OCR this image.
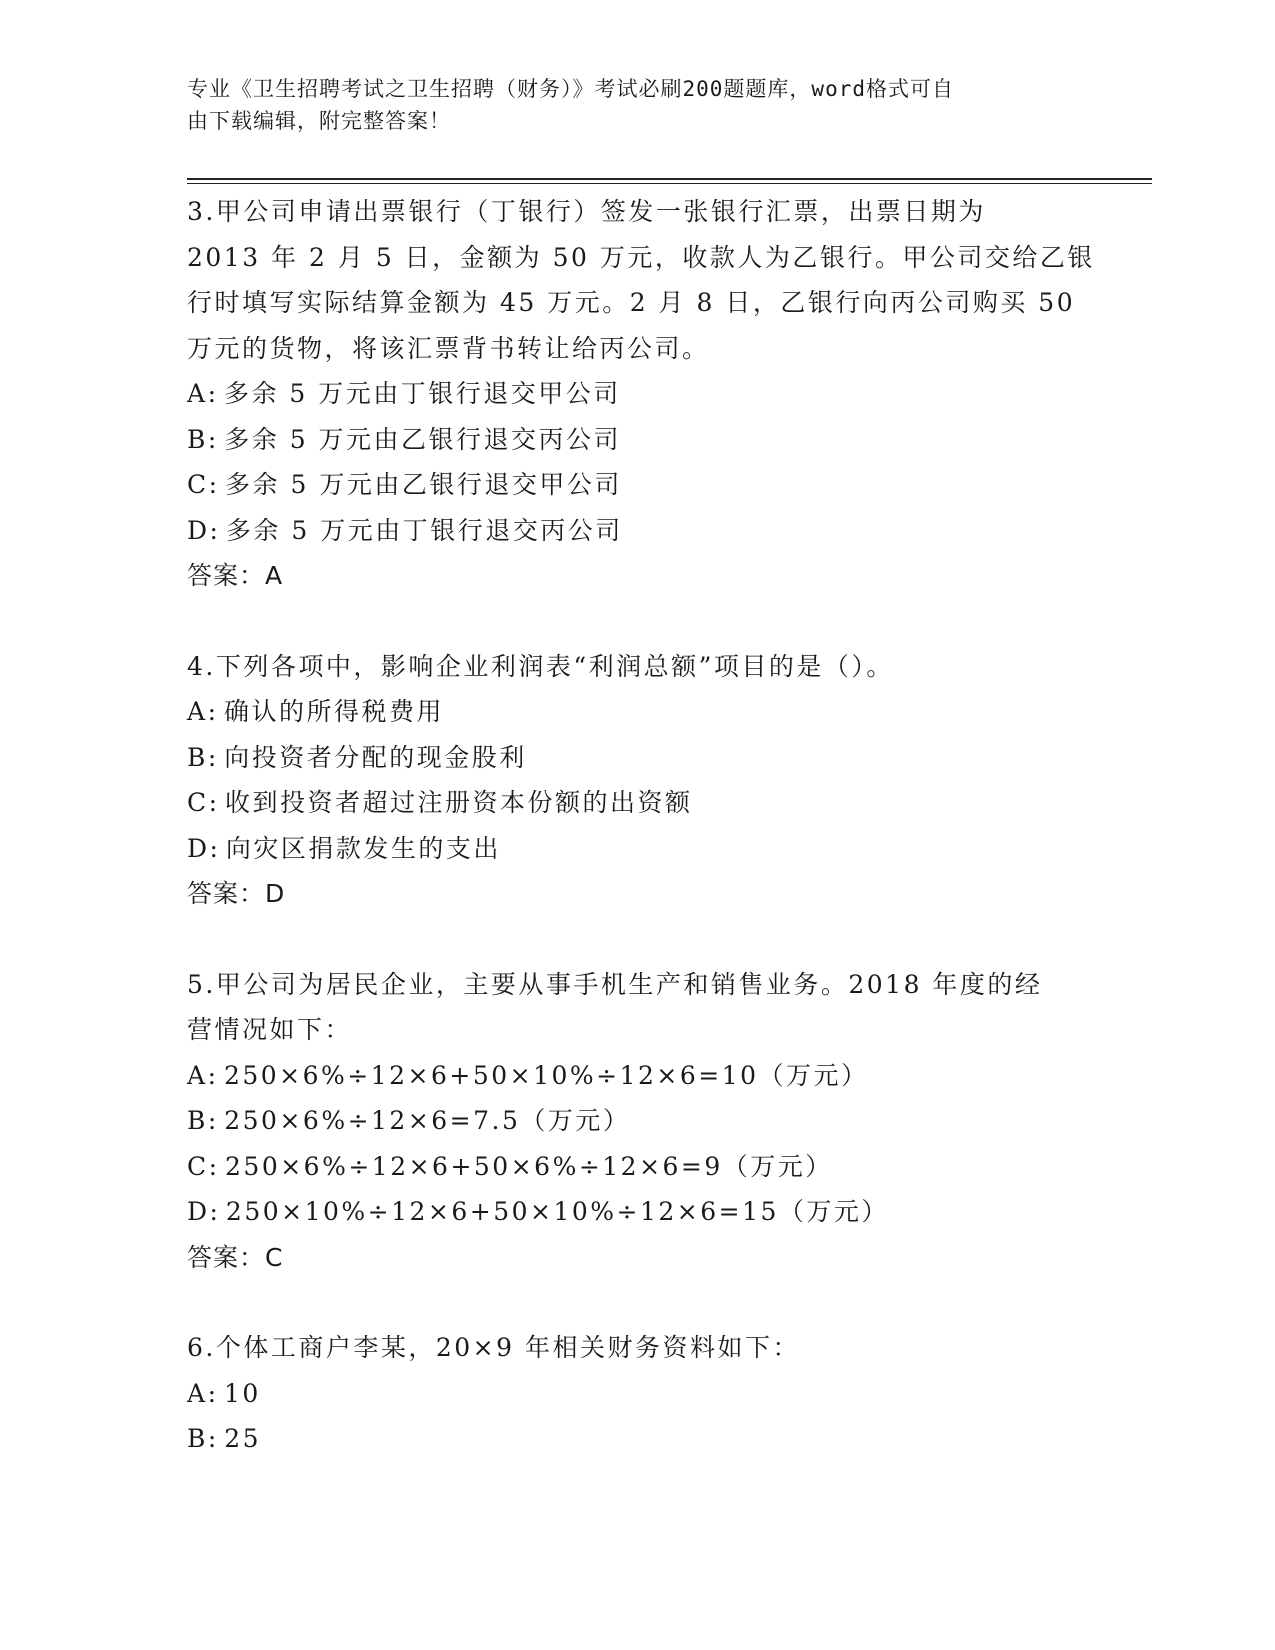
专业《卫生招聘考试之卫生招聘（财务）》考试必刷200题题库，word格式可自
由下载编辑，附完整答案！
3.甲公司申请出票银行（丁银行）签发一张银行汇票，出票日期为
2013 年 2 月 5 日，金额为 50 万元，收款人为乙银行。甲公司交给乙银
行时填写实际结算金额为 45 万元。2 月 8 日，乙银行向丙公司购买 50
万元的货物，将该汇票背书转让给丙公司。
A: 多余 5 万元由丁银行退交甲公司
B: 多余 5 万元由乙银行退交丙公司
C: 多余 5 万元由乙银行退交甲公司
D: 多余 5 万元由丁银行退交丙公司
答案：A
4.下列各项中，影响企业利润表“利润总额”项目的是（）。
A: 确认的所得税费用
B: 向投资者分配的现金股利
C: 收到投资者超过注册资本份额的出资额
D: 向灾区捐款发生的支出
答案：D
5.甲公司为居民企业，主要从事手机生产和销售业务。2018 年度的经
营情况如下：
A: 250×6%÷12×6+50×10%÷12×6=10（万元）
B: 250×6%÷12×6=7.5（万元）
C: 250×6%÷12×6+50×6%÷12×6=9（万元）
D: 250×10%÷12×6+50×10%÷12×6=15（万元）
答案：C
6.个体工商户李某，20×9 年相关财务资料如下：
A: 10
B: 25
